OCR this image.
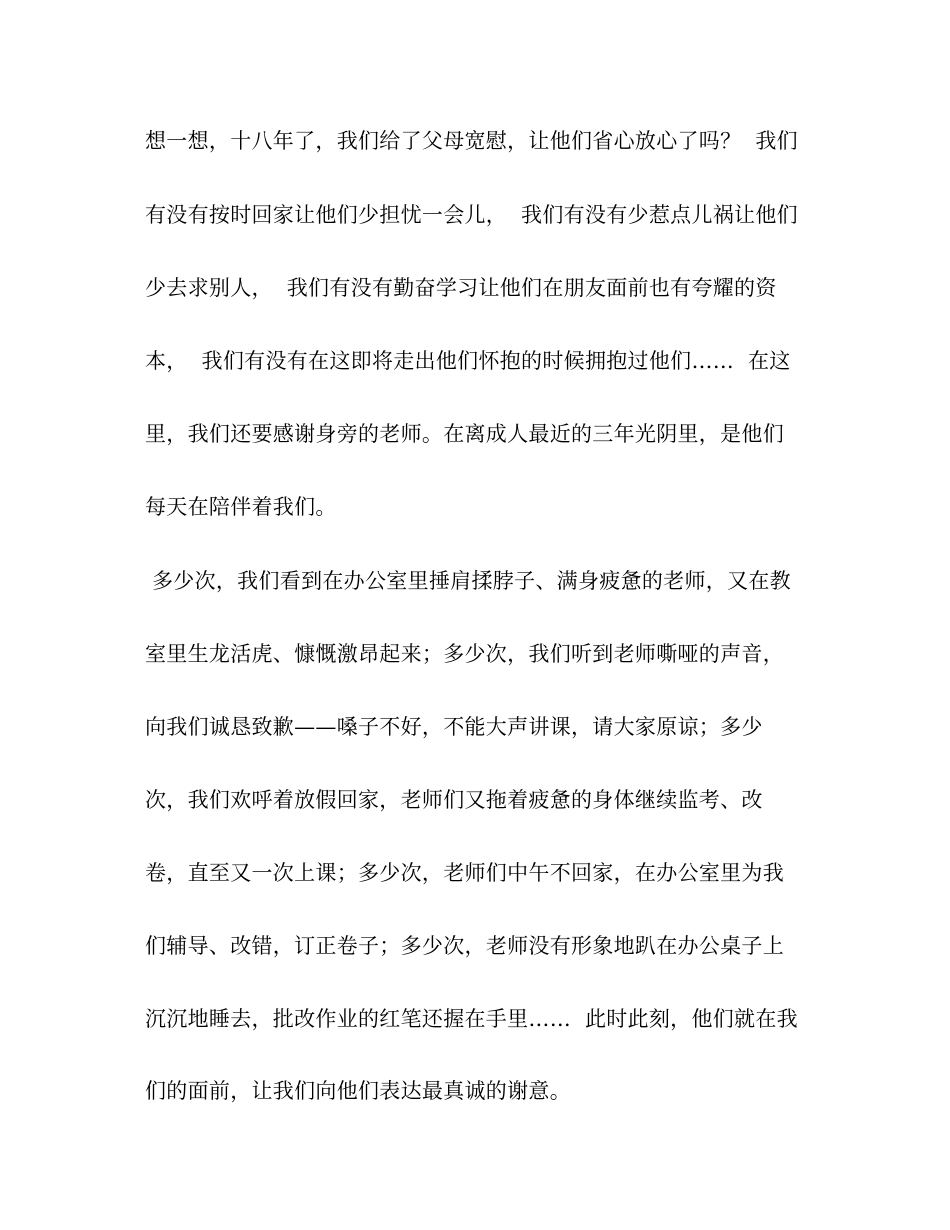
想一想，十八年了，我们给了父母宽慰，让他们省心放心了吗？  我们
有没有按时回家让他们少担忧一会儿，  我们有没有少惹点儿祸让他们
少去求别人，  我们有没有勤奋学习让他们在朋友面前也有夸耀的资
本，  我们有没有在这即将走出他们怀抱的时候拥抱过他们……  在这
里，我们还要感谢身旁的老师。在离成人最近的三年光阴里，是他们
每天在陪伴着我们。
多少次，我们看到在办公室里捶肩揉脖子、满身疲惫的老师，又在教
室里生龙活虎、慷慨激昂起来；多少次，我们听到老师嘶哑的声音，
向我们诚恳致歉——嗓子不好，不能大声讲课，请大家原谅；多少
次，我们欢呼着放假回家，老师们又拖着疲惫的身体继续监考、改
卷，直至又一次上课；多少次，老师们中午不回家，在办公室里为我
们辅导、改错，订正卷子；多少次，老师没有形象地趴在办公桌子上
沉沉地睡去，批改作业的红笔还握在手里……  此时此刻，他们就在我
们的面前，让我们向他们表达最真诚的谢意。
